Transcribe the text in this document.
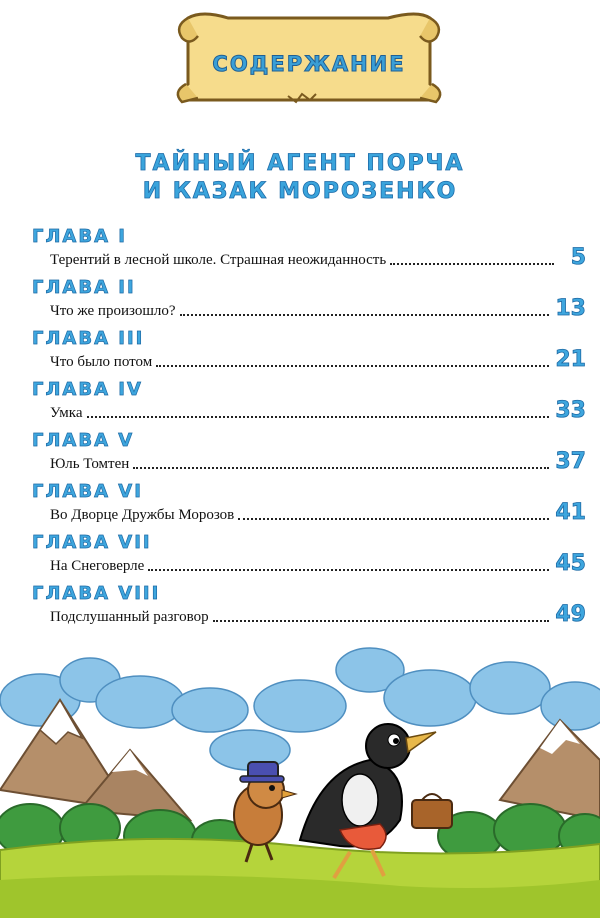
СОДЕРЖАНИЕ
ТАЙНЫЙ АГЕНТ ПОРЧА
И КАЗАК МОРОЗЕНКО
ГЛАВА I
Терентий в лесной школе. Страшная неожиданность	5
ГЛАВА II
Что же произошло?	13
ГЛАВА III
Что было потом	21
ГЛАВА IV
Умка	33
ГЛАВА V
Юль Томтен	37
ГЛАВА VI
Во Дворце Дружбы Морозов	41
ГЛАВА VII
На Снеговерле	45
ГЛАВА VIII
Подслушанный разговор	49
